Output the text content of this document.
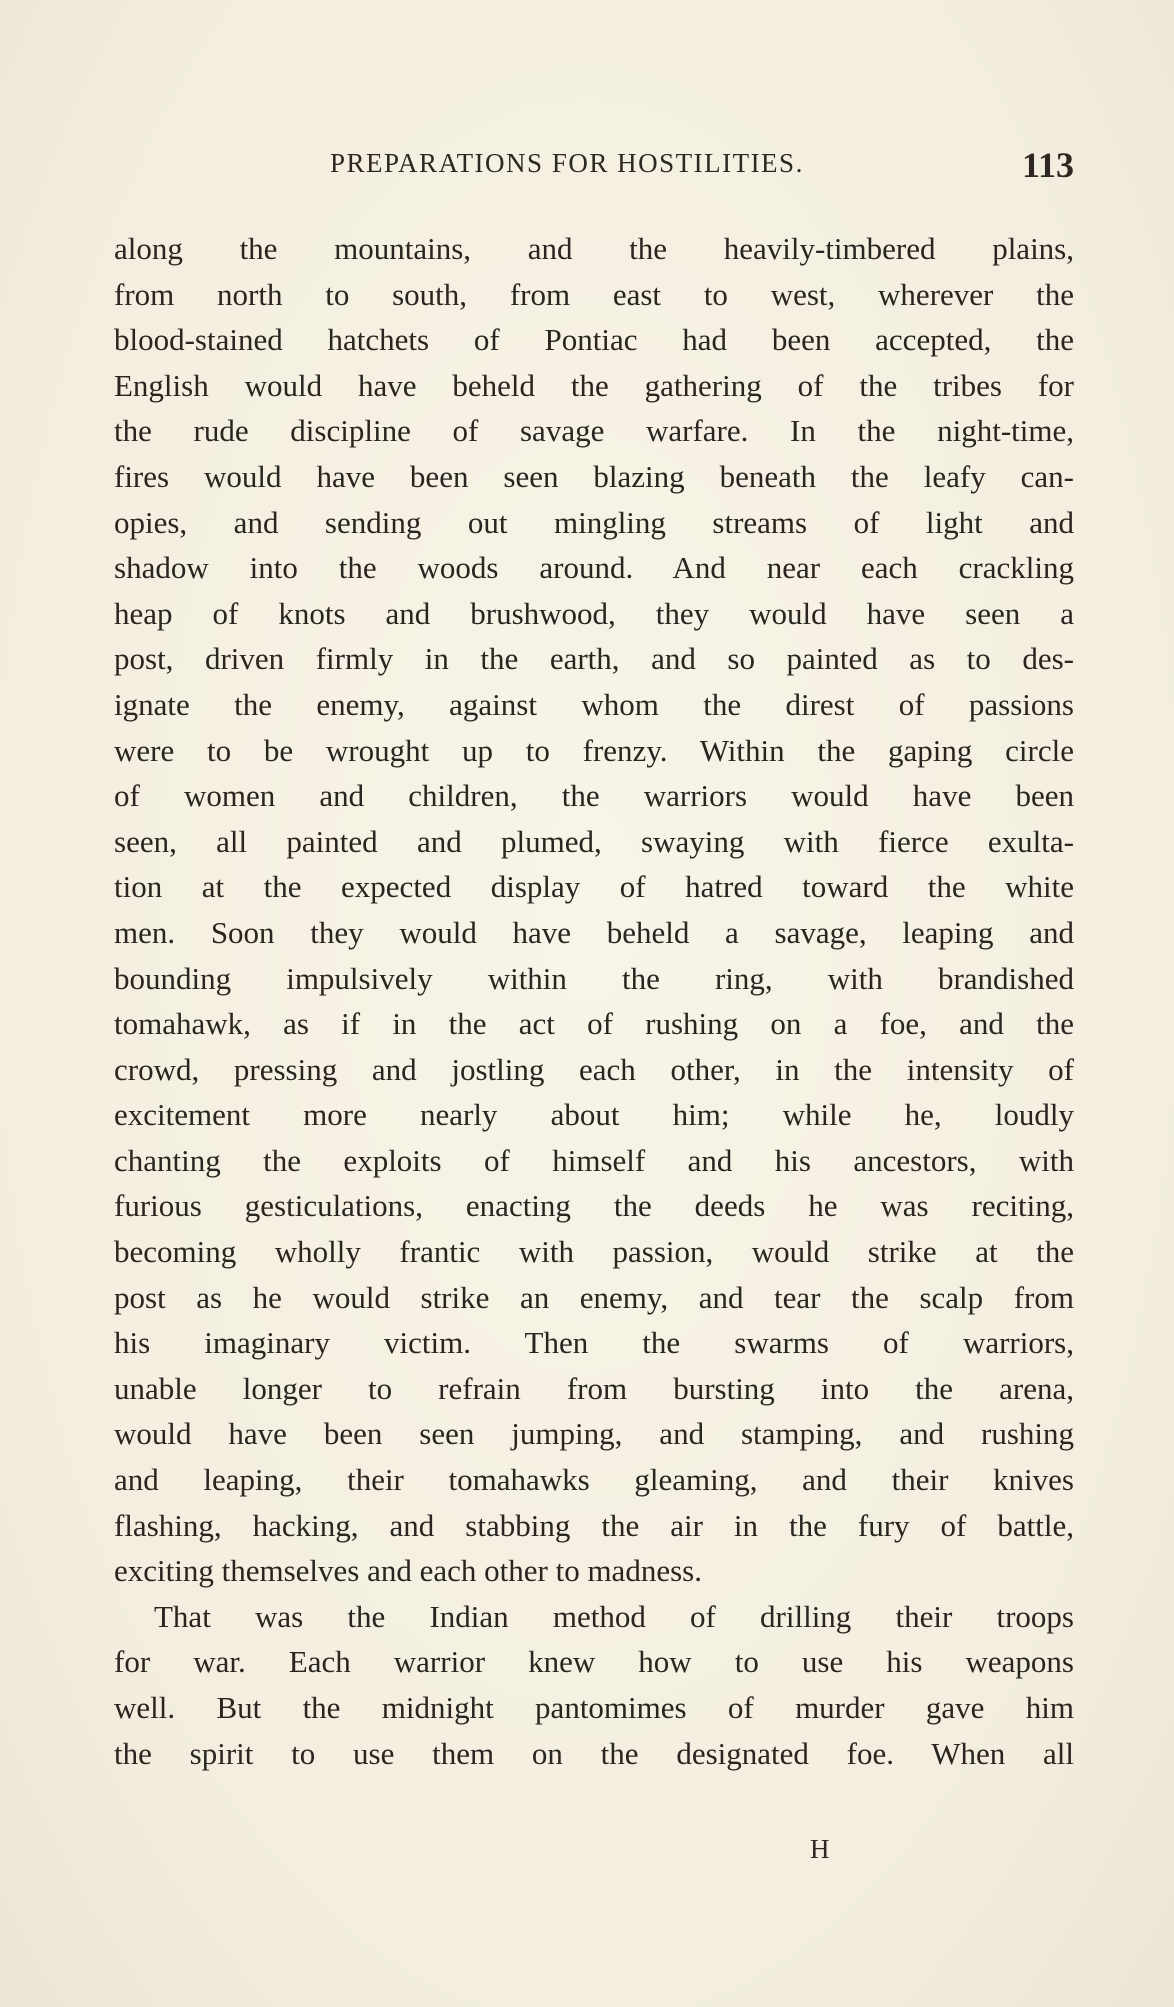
PREPARATIONS FOR HOSTILITIES.	113
along the mountains, and the heavily-timbered plains,
from north to south, from east to west, wherever the
blood-stained hatchets of Pontiac had been accepted, the
English would have beheld the gathering of the tribes for
the rude discipline of savage warfare. In the night-time,
fires would have been seen blazing beneath the leafy can-
opies, and sending out mingling streams of light and
shadow into the woods around. And near each crackling
heap of knots and brushwood, they would have seen a
post, driven firmly in the earth, and so painted as to des-
ignate the enemy, against whom the direst of passions
were to be wrought up to frenzy. Within the gaping circle
of women and children, the warriors would have been
seen, all painted and plumed, swaying with fierce exulta-
tion at the expected display of hatred toward the white
men. Soon they would have beheld a savage, leaping and
bounding impulsively within the ring, with brandished
tomahawk, as if in the act of rushing on a foe, and the
crowd, pressing and jostling each other, in the intensity of
excitement more nearly about him; while he, loudly
chanting the exploits of himself and his ancestors, with
furious gesticulations, enacting the deeds he was reciting,
becoming wholly frantic with passion, would strike at the
post as he would strike an enemy, and tear the scalp from
his imaginary victim. Then the swarms of warriors,
unable longer to refrain from bursting into the arena,
would have been seen jumping, and stamping, and rushing
and leaping, their tomahawks gleaming, and their knives
flashing, hacking, and stabbing the air in the fury of battle,
exciting themselves and each other to madness.
That was the Indian method of drilling their troops
for war. Each warrior knew how to use his weapons
well. But the midnight pantomimes of murder gave him
the spirit to use them on the designated foe. When all
H
